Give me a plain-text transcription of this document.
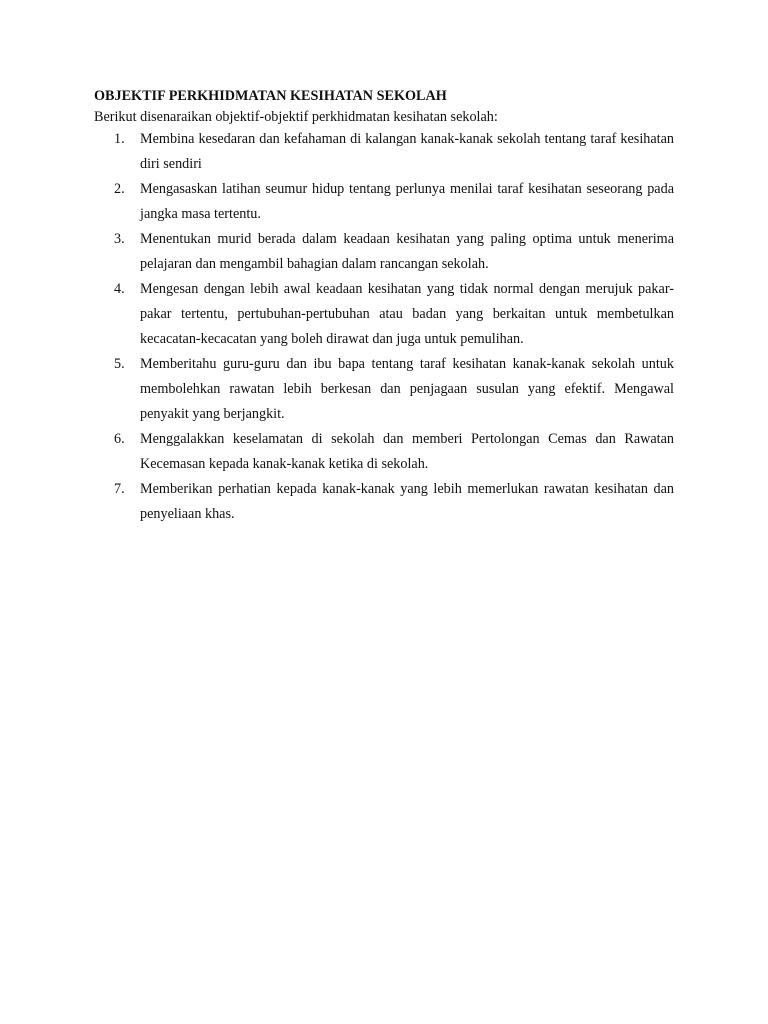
OBJEKTIF PERKHIDMATAN KESIHATAN SEKOLAH

Berikut disenaraikan objektif-objektif perkhidmatan kesihatan sekolah:

1.	Membina kesedaran dan kefahaman di kalangan kanak-kanak sekolah tentang taraf kesihatan diri sendiri
2.	Mengasaskan latihan seumur hidup tentang perlunya menilai taraf kesihatan seseorang pada jangka masa tertentu.
3.	Menentukan murid berada dalam keadaan kesihatan yang paling optima untuk menerima pelajaran dan mengambil bahagian dalam rancangan sekolah.
4.	Mengesan dengan lebih awal keadaan kesihatan yang tidak normal dengan merujuk pakar-pakar tertentu, pertubuhan-pertubuhan atau badan yang berkaitan untuk membetulkan kecacatan-kecacatan yang boleh dirawat dan juga untuk pemulihan.
5.	Memberitahu guru-guru dan ibu bapa tentang taraf kesihatan kanak-kanak sekolah untuk membolehkan rawatan lebih berkesan dan penjagaan susulan yang efektif. Mengawal penyakit yang berjangkit.
6.	Menggalakkan keselamatan di sekolah dan memberi Pertolongan Cemas dan Rawatan Kecemasan kepada kanak-kanak ketika di sekolah.
7.	Memberikan perhatian kepada kanak-kanak yang lebih memerlukan rawatan kesihatan dan penyeliaan khas.
